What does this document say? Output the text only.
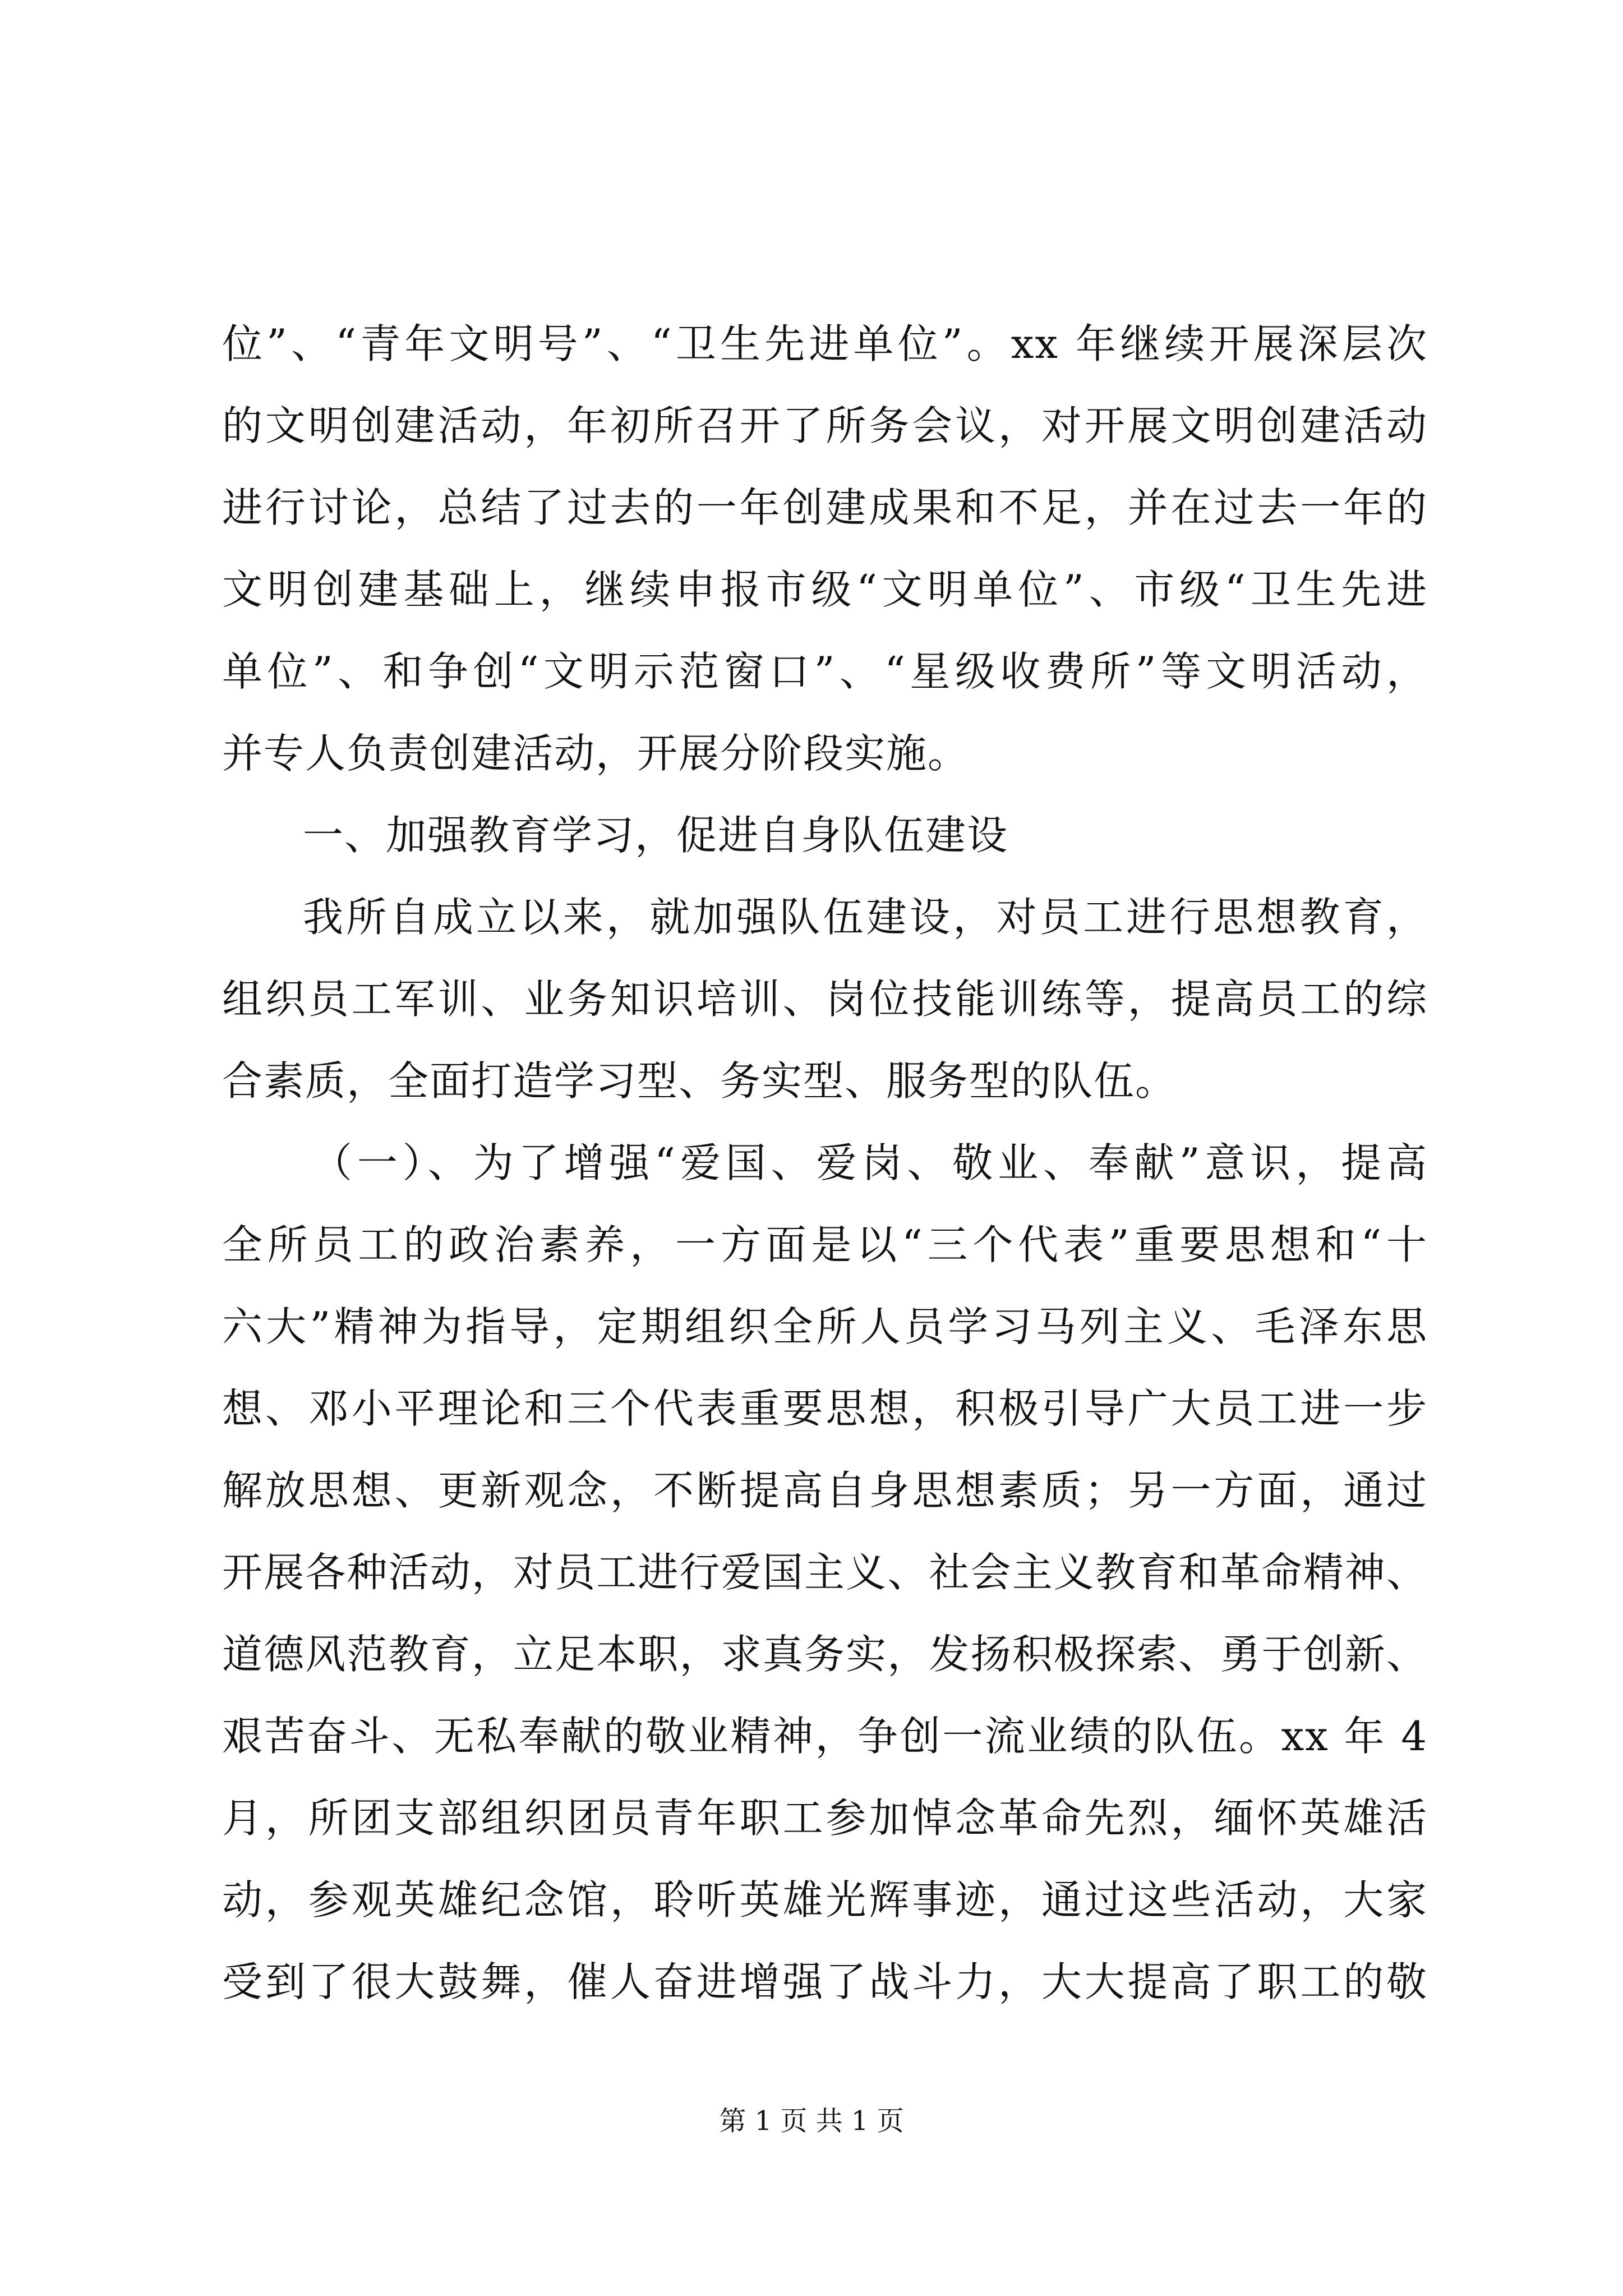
位”、“青年文明号”、“卫生先进单位”。xx 年继续开展深层次
的文明创建活动，年初所召开了所务会议，对开展文明创建活动
进行讨论，总结了过去的一年创建成果和不足，并在过去一年的
文明创建基础上，继续申报市级“文明单位”、市级“卫生先进
单位”、和争创“文明示范窗口”、“星级收费所”等文明活动，
并专人负责创建活动，开展分阶段实施。
一、加强教育学习，促进自身队伍建设
我所自成立以来，就加强队伍建设，对员工进行思想教育，
组织员工军训、业务知识培训、岗位技能训练等，提高员工的综
合素质，全面打造学习型、务实型、服务型的队伍。
（一）、为了增强“爱国、爱岗、敬业、奉献”意识，提高
全所员工的政治素养，一方面是以“三个代表”重要思想和“十
六大”精神为指导，定期组织全所人员学习马列主义、毛泽东思
想、邓小平理论和三个代表重要思想，积极引导广大员工进一步
解放思想、更新观念，不断提高自身思想素质；另一方面，通过
开展各种活动，对员工进行爱国主义、社会主义教育和革命精神、
道德风范教育，立足本职，求真务实，发扬积极探索、勇于创新、
艰苦奋斗、无私奉献的敬业精神，争创一流业绩的队伍。xx 年 4
月，所团支部组织团员青年职工参加悼念革命先烈，缅怀英雄活
动，参观英雄纪念馆，聆听英雄光辉事迹，通过这些活动，大家
受到了很大鼓舞，催人奋进增强了战斗力，大大提高了职工的敬
第 1 页 共 1 页
